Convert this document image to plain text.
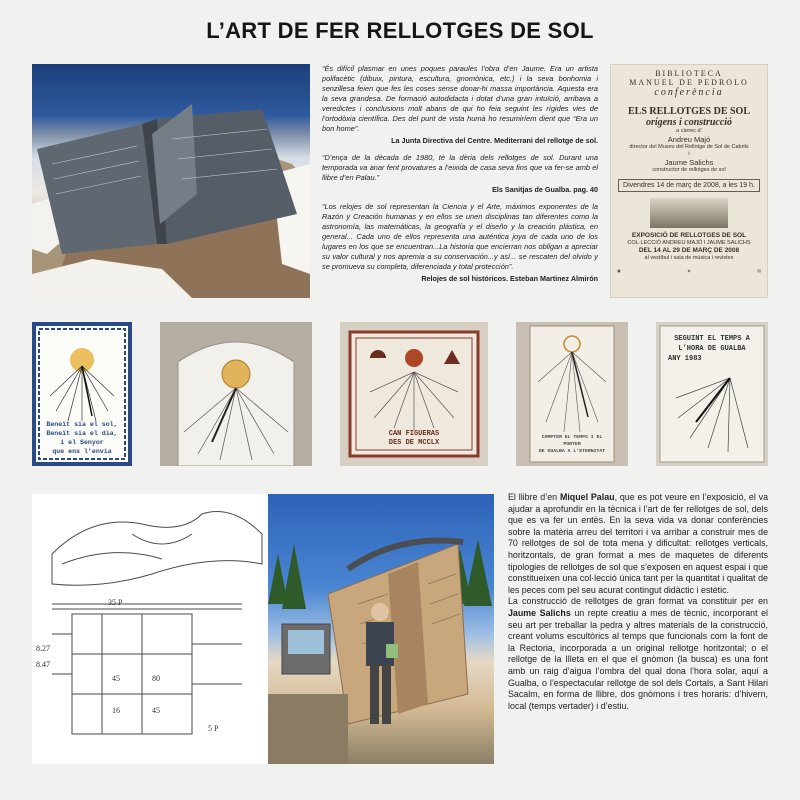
L’ART DE FER RELLOTGES DE SOL
“És difícil plasmar en unes poques paraules l’obra d’en Jaume. Era un artista polifacètic (dibuix, pintura, escultura, gnomònica, etc.) i la seva bonhomia i senzillesa feien que fes les coses sense donar-hi massa importància. Aquesta era la seva grandesa. De formació autodidacta i dotat d’una gran intuïció, arribava a veredictes i conclusions molt abans de qui ho feia seguint les rígides vies de l’ortodòxia científica. Des del punt de vista humà ho resumiríem dient que “Era un bon home”.
La Junta Directiva del Centre. Mediterrani del rellotge de sol.
“D’ença de la dècada de 1980, tè la dèria dels rellotges de sol. Durant una temporada va anar fent provatures a l’eixida de casa seva fins que va fer-se amb el llibre d’en Palau.”
Els Sanitjas de Gualba. pag. 40
“Los relojes de sol representan la Ciencia y el Arte, máximos exponentes de la Razón y Creación humanas y en ellos se unen disciplinas tan diferentes como la astronomía, las matemáticas, la geografía y el diseño y la creación plástica, en general... Cada uno de ellos representa una auténtica joya de cada uno de los lugares en los que se encuentran...La historia que encierran nos obligan a apreciar su valor cultural y nos apremia a su conservación...y así... se rescaten del olvido y se promueva su completa, diferenciada y total protección”.
Relojes de sol históricos. Esteban Martinez Almirón
BIBLIOTECA
MANUEL DE PEDROLO
conferència
ELS RELLOTGES DE SOL
orígens i construcció
a càrrec d’
Andreu Majó
director del Museu del Rellotge de Sol de Cabrils
i
Jaume Salichs
constructor de rellotges de sol
Divendres 14 de març de 2008, a les 19 h.
EXPOSICIÓ DE RELLOTGES DE SOL
COL·LECCIÓ ANDREU MAJÓ I JAUME SALICHS
DEL 14 AL 29 DE MARÇ DE 2008
al vestíbul i sala de música i revistes
▣	◈	▤
Beneït sia el sol,
Beneït sia el dia,
i el Senyor
que ens l’envia
CAN FIGUERAS
DES DE MCCLX
COMPTEM EL TEMPS I EL PORTEM
DE GUALBA A L’ETERNITAT
SEGUINT EL TEMPS A
L’HORA DE GUALBA
ANY 1983
35 P
8.27
8.47
45	80
16	45
5 P

El llibre d’en Miquel Palau, que es pot veure en l’exposició, el va ajudar a aprofundir en la tècnica i l’art de fer rellotges de sol, dels que es va fer un entès. En la seva vida va donar conferències sobre la matèria arreu del territori i va arribar a construir mes de 70 rellotges de sol de tota mena y dificultat: rellotges verticals, horitzontals, de gran format a mes de maquetes de diferents tipologies de rellotges de sol que s’exposen en aquest espai i que constitueixen una col·lecció única tant per la quantitat i qualitat de les peces com pel seu acurat contingut didàctic i estètic.

La construcció de rellotges de gran format va constituir per en Jaume Salichs un repte creatiu a mes de tècnic, incorporant el seu art per treballar la pedra y altres materials de la construcció, creant volums escultòrics al temps que funcionals com la font de la Rectoria, incorporada a un original rellotge horitzontal; o el rellotge de la Illeta en el que el gnòmon (la busca) es una font amb un raig d’aigua l’ombra del qual dona l’hora solar, aquí a Gualba, o l’espectacular rellotge de sol dels Cortals, a Sant Hilari Sacalm, en forma de llibre, dos gnòmons i tres horaris: d’hivern, local (temps vertader) i d’estiu.
